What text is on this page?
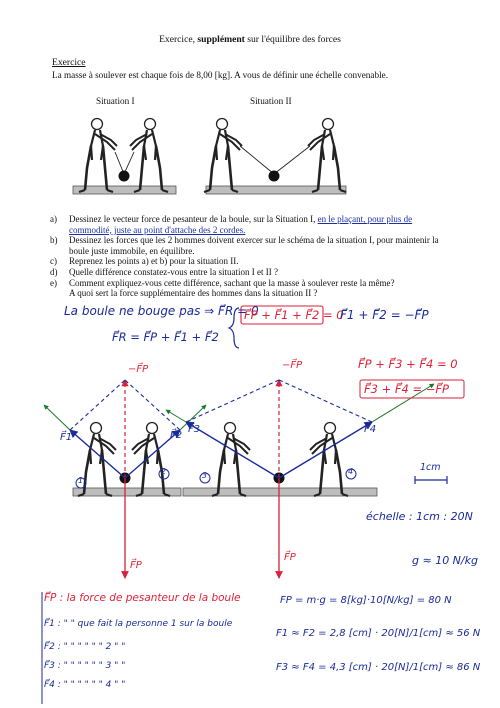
Exercice, supplément sur l'équilibre des forces
Exercice
La masse à soulever est chaque fois de 8,00 [kg]. A vous de définir une échelle convenable.
Situation I	Situation II
a) Dessinez le vecteur force de pesanteur de la boule, sur la Situation I, en le plaçant, pour plus de commodité, juste au point d'attache des 2 cordes.
b) Dessinez les forces que les 2 hommes doivent exercer sur le schéma de la situation I, pour maintenir la boule juste immobile, en équilibre.
c) Reprenez les points a) et b) pour la situation II.
d) Quelle différence constatez-vous entre la situation I et II ?
e) Comment expliquez-vous cette différence, sachant que la masse à soulever reste la même?
A quoi sert la force supplémentaire des hommes dans la situation II ?
La boule ne bouge pas ⇒ F⃗R = 0
F⃗P + F⃗1 + F⃗2 = 0
F⃗1 + F⃗2 = −F⃗P
F⃗R = F⃗P + F⃗1 + F⃗2
F⃗P + F⃗3 + F⃗4 = 0
F⃗3 + F⃗4 = −F⃗P
−F⃗P	−F⃗P
F⃗P
F⃗P
F⃗1	F⃗2
F⃗3	F⃗4
1
2	3	4	1cm
échelle : 1cm : 20N
g ≈ 10 N/kg
F⃗P : la force de pesanteur de la boule
F⃗1 : " " que fait la personne 1 sur la boule
F⃗2 : " " " " " " 2 " "
F⃗3 : " " " " " " 3 " "
F⃗4 : " " " " " " 4 " "
FP = m·g = 8[kg]·10[N/kg] = 80 N
F1 ≈ F2 = 2,8 [cm] · 20[N]/1[cm] ≈ 56 N
F3 ≈ F4 = 4,3 [cm] · 20[N]/1[cm] ≈ 86 N
